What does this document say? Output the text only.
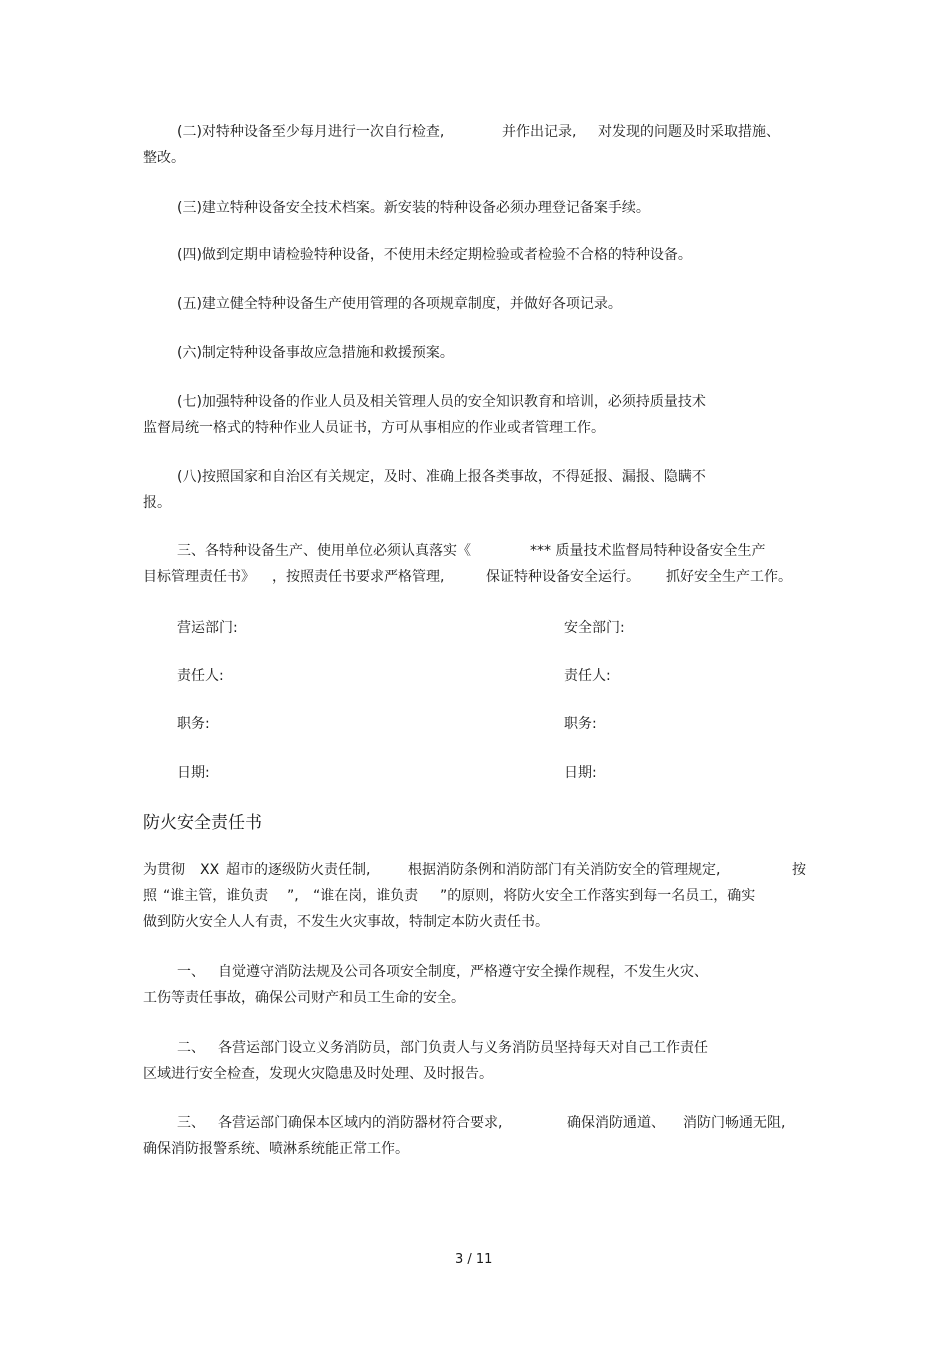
(二)对特种设备至少每月进行一次自行检查,	并作出记录, 对发现的问题及时采取措施、
整改。
(三)建立特种设备安全技术档案。新安装的特种设备必须办理登记备案手续。
(四)做到定期申请检验特种设备，不使用未经定期检验或者检验不合格的特种设备。
(五)建立健全特种设备生产使用管理的各项规章制度，并做好各项记录。
(六)制定特种设备事故应急措施和救援预案。
(七)加强特种设备的作业人员及相关管理人员的安全知识教育和培训，必须持质量技术
监督局统一格式的特种作业人员证书，方可从事相应的作业或者管理工作。
(八)按照国家和自治区有关规定，及时、准确上报各类事故，不得延报、漏报、隐瞒不
报。
三、各特种设备生产、使用单位必须认真落实《	*** 质量技术监督局特种设备安全生产
目标管理责任书》 ，按照责任书要求严格管理,	保证特种设备安全运行。 抓好安全生产工作。
营运部门:	安全部门:
责任人:	责任人:
职务:	职务:
日期:	日期:
防火安全责任书
为贯彻 XX 超市的逐级防火责任制,	根据消防条例和消防部门有关消防安全的管理规定,	按
照 “谁主管，谁负责 ”, “谁在岗，谁负责 ”的原则，将防火安全工作落实到每一名员工，确实
做到防火安全人人有责，不发生火灾事故，特制定本防火责任书。
一、 自觉遵守消防法规及公司各项安全制度，严格遵守安全操作规程，不发生火灾、
工伤等责任事故，确保公司财产和员工生命的安全。
二、 各营运部门设立义务消防员，部门负责人与义务消防员坚持每天对自己工作责任
区域进行安全检查，发现火灾隐患及时处理、及时报告。
三、 各营运部门确保本区域内的消防器材符合要求,	确保消防通道、 消防门畅通无阻,
确保消防报警系统、喷淋系统能正常工作。
3 / 11
